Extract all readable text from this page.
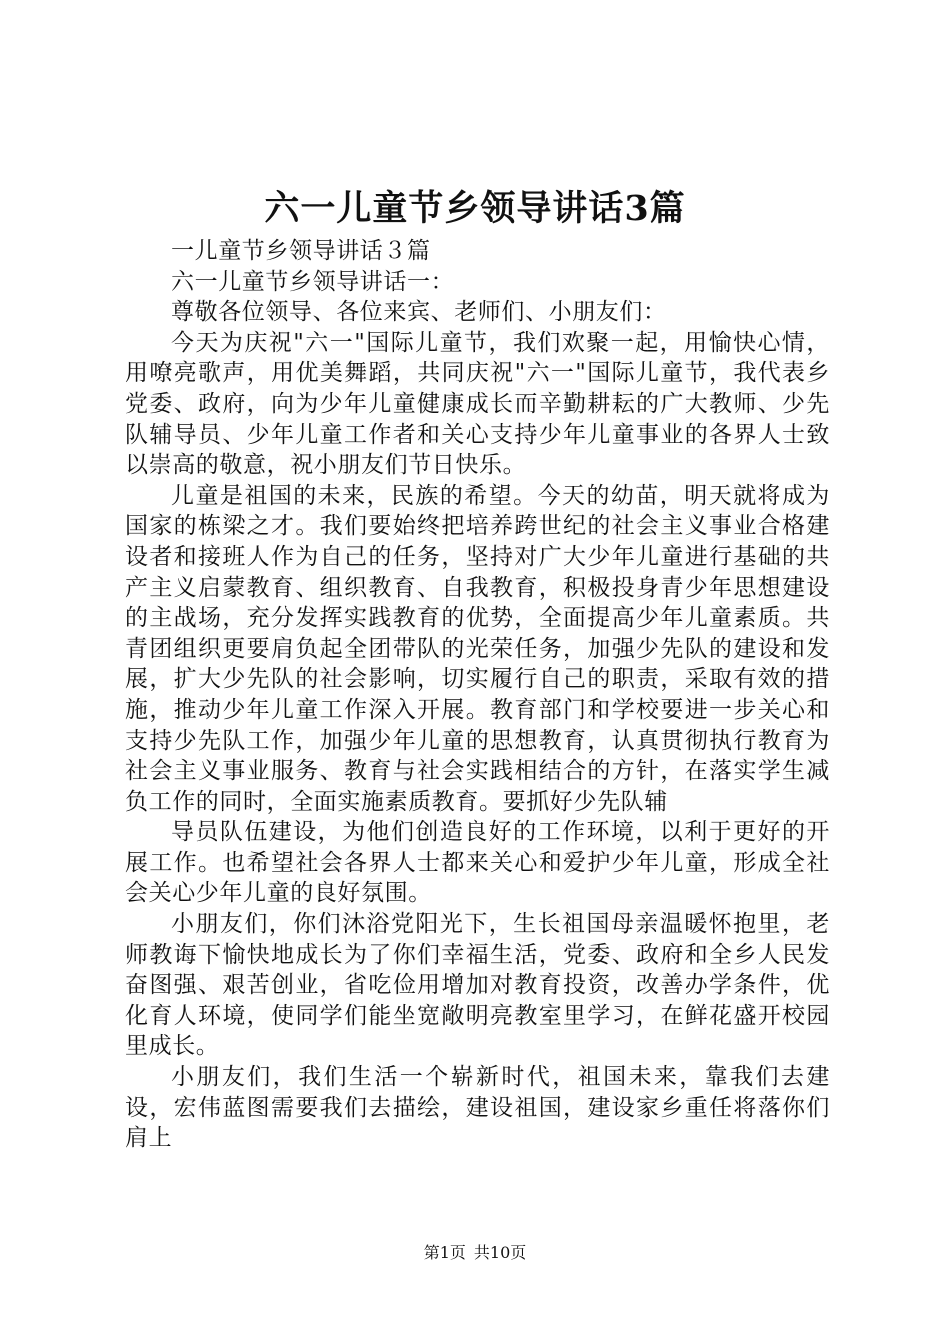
六一儿童节乡领导讲话3篇

一儿童节乡领导讲话３篇

六一儿童节乡领导讲话一：

尊敬各位领导、各位来宾、老师们、小朋友们：

今天为庆祝"六一"国际儿童节，我们欢聚一起，用愉快心情，用嘹亮歌声，用优美舞蹈，共同庆祝"六一"国际儿童节，我代表乡党委、政府，向为少年儿童健康成长而辛勤耕耘的广大教师、少先队辅导员、少年儿童工作者和关心支持少年儿童事业的各界人士致以崇高的敬意，祝小朋友们节日快乐。

儿童是祖国的未来，民族的希望。今天的幼苗，明天就将成为国家的栋梁之才。我们要始终把培养跨世纪的社会主义事业合格建设者和接班人作为自己的任务，坚持对广大少年儿童进行基础的共产主义启蒙教育、组织教育、自我教育，积极投身青少年思想建设的主战场，充分发挥实践教育的优势，全面提高少年儿童素质。共青团组织更要肩负起全团带队的光荣任务，加强少先队的建设和发展，扩大少先队的社会影响，切实履行自己的职责，采取有效的措施，推动少年儿童工作深入开展。教育部门和学校要进一步关心和支持少先队工作，加强少年儿童的思想教育，认真贯彻执行教育为社会主义事业服务、教育与社会实践相结合的方针，在落实学生减负工作的同时，全面实施素质教育。要抓好少先队辅

导员队伍建设，为他们创造良好的工作环境，以利于更好的开展工作。也希望社会各界人士都来关心和爱护少年儿童，形成全社会关心少年儿童的良好氛围。

小朋友们，你们沐浴党阳光下，生长祖国母亲温暖怀抱里，老师教诲下愉快地成长为了你们幸福生活，党委、政府和全乡人民发奋图强、艰苦创业，省吃俭用增加对教育投资，改善办学条件，优化育人环境，使同学们能坐宽敞明亮教室里学习，在鲜花盛开校园里成长。

小朋友们，我们生活一个崭新时代，祖国未来，靠我们去建设，宏伟蓝图需要我们去描绘，建设祖国，建设家乡重任将落你们肩上

第1页 共10页
